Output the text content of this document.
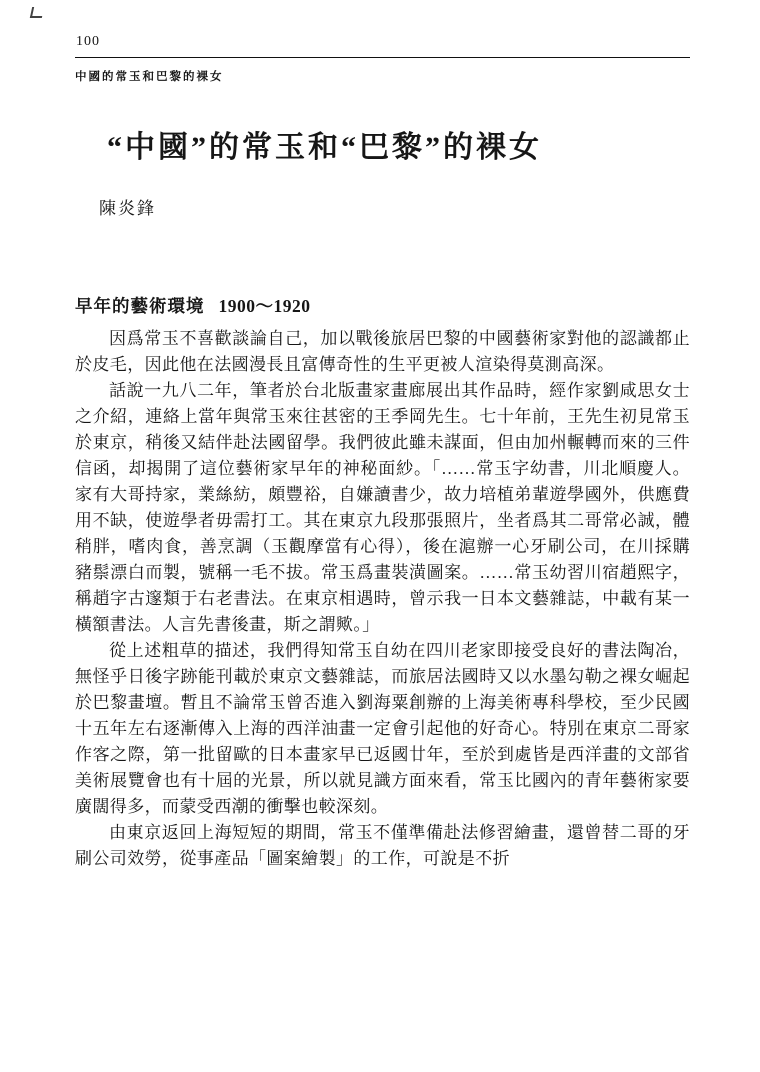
100
中國的常玉和巴黎的裸女
“中國”的常玉和“巴黎”的裸女
陳炎鋒
早年的藝術環境 1900～1920

因爲常玉不喜歡談論自己，加以戰後旅居巴黎的中國藝術家對他的認識都止於皮毛，因此他在法國漫長且富傳奇性的生平更被人渲染得莫測高深。

話說一九八二年，筆者於台北版畫家畫廊展出其作品時，經作家劉咸思女士之介紹，連絡上當年與常玉來往甚密的王季岡先生。七十年前，王先生初見常玉於東京，稍後又結伴赴法國留學。我們彼此雖未謀面，但由加州輾轉而來的三件信函，却揭開了這位藝術家早年的神秘面紗。「……常玉字幼書，川北順慶人。家有大哥持家，業絲紡，頗豐裕，自嫌讀書少，故力培植弟輩遊學國外，供應費用不缺，使遊學者毋需打工。其在東京九段那張照片，坐者爲其二哥常必誠，體稍胖，嗜肉食，善烹調（玉觀摩當有心得），後在滬辦一心牙刷公司，在川採購豬鬃漂白而製，號稱一毛不拔。常玉爲畫裝潢圖案。……常玉幼習川宿趙熙字，稱趙字古邃類于右老書法。在東京相遇時，曾示我一日本文藝雜誌，中載有某一橫額書法。人言先書後畫，斯之謂歟。」

從上述粗草的描述，我們得知常玉自幼在四川老家即接受良好的書法陶冶，無怪乎日後字跡能刊載於東京文藝雜誌，而旅居法國時又以水墨勾勒之裸女崛起於巴黎畫壇。暫且不論常玉曾否進入劉海粟創辦的上海美術專科學校，至少民國十五年左右逐漸傳入上海的西洋油畫一定會引起他的好奇心。特別在東京二哥家作客之際，第一批留歐的日本畫家早已返國廿年，至於到處皆是西洋畫的文部省美術展覽會也有十屆的光景，所以就見識方面來看，常玉比國內的青年藝術家要廣闊得多，而蒙受西潮的衝擊也較深刻。

由東京返回上海短短的期間，常玉不僅準備赴法修習繪畫，還曾替二哥的牙刷公司效勞，從事產品「圖案繪製」的工作，可說是不折
